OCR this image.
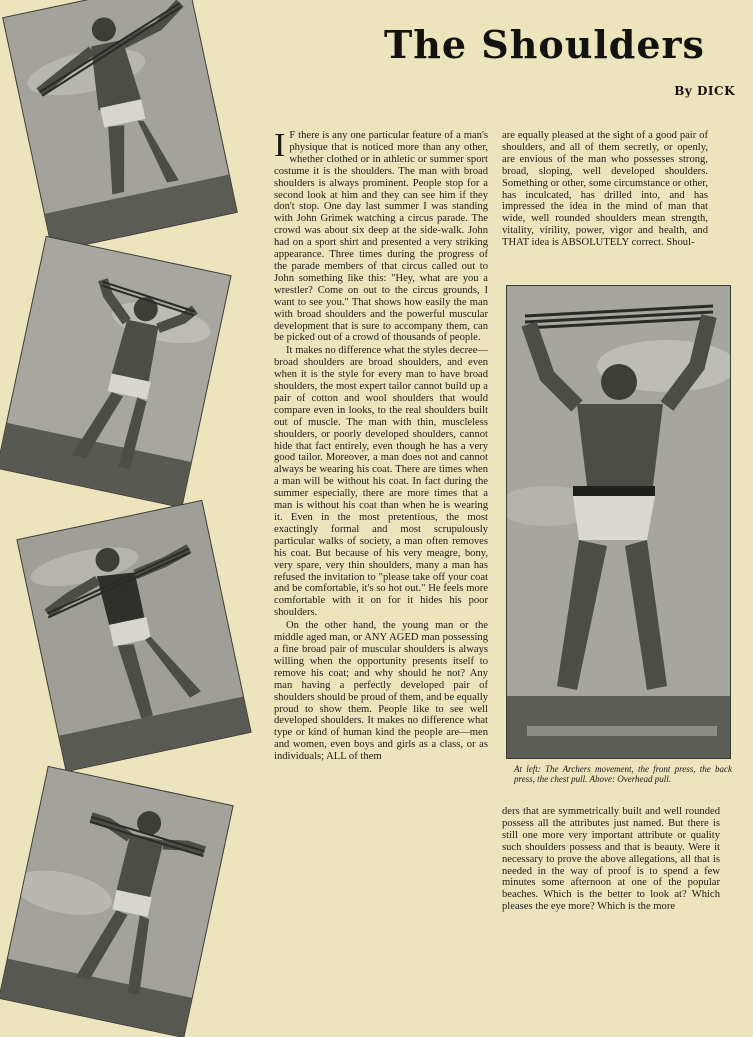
The Shoulders
By DICK

I F there is any one particular feature of a man's physique that is noticed more than any other, whether clothed or in athletic or summer sport costume it is the shoulders. The man with broad shoulders is always prominent. People stop for a second look at him and they can see him if they don't stop. One day last summer I was standing with John Grimek watching a circus parade. The crowd was about six deep at the side-walk. John had on a sport shirt and presented a very striking appearance. Three times during the progress of the parade members of that circus called out to John something like this: "Hey, what are you a wrestler? Come on out to the circus grounds, I want to see you." That shows how easily the man with broad shoulders and the powerful muscular development that is sure to accompany them, can be picked out of a crowd of thousands of people.

It makes no difference what the styles decree—broad shoulders are broad shoulders, and even when it is the style for every man to have broad shoulders, the most expert tailor cannot build up a pair of cotton and wool shoulders that would compare even in looks, to the real shoulders built out of muscle. The man with thin, muscleless shoulders, or poorly developed shoulders, cannot hide that fact entirely, even though he has a very good tailor. Moreover, a man does not and cannot always be wearing his coat. There are times when a man will be without his coat. In fact during the summer especially, there are more times that a man is without his coat than when he is wearing it. Even in the most pretentious, the most exactingly formal and most scrupulously particular walks of society, a man often removes his coat. But because of his very meagre, bony, very spare, very thin shoulders, many a man has refused the invitation to "please take off your coat and be comfortable, it's so hot out." He feels more comfortable with it on for it hides his poor shoulders.

On the other hand, the young man or the middle aged man, or ANY AGED man possessing a fine broad pair of muscular shoulders is always willing when the opportunity presents itself to remove his coat; and why should he not? Any man having a perfectly developed pair of shoulders should be proud of them, and be equally proud to show them. People like to see well developed shoulders. It makes no difference what type or kind of human kind the people are—men and women, even boys and girls as a class, or as individuals; ALL of them

are equally pleased at the sight of a good pair of shoulders, and all of them secretly, or openly, are envious of the man who possesses strong, broad, sloping, well developed shoulders. Something or other, some circumstance or other, has inculcated, has drilled into, and has impressed the idea in the mind of man that wide, well rounded shoulders mean strength, vitality, virility, power, vigor and health, and THAT idea is ABSOLUTELY correct. Shoul-

At left: The Archers movement, the front press, the back press, the chest pull. Above: Overhead pull.

ders that are symmetrically built and well rounded possess all the attributes just named. But there is still one more very important attribute or quality such shoulders possess and that is beauty. Were it necessary to prove the above allegations, all that is needed in the way of proof is to spend a few minutes some afternoon at one of the popular beaches. Which is the better to look at? Which pleases the eye more? Which is the more
